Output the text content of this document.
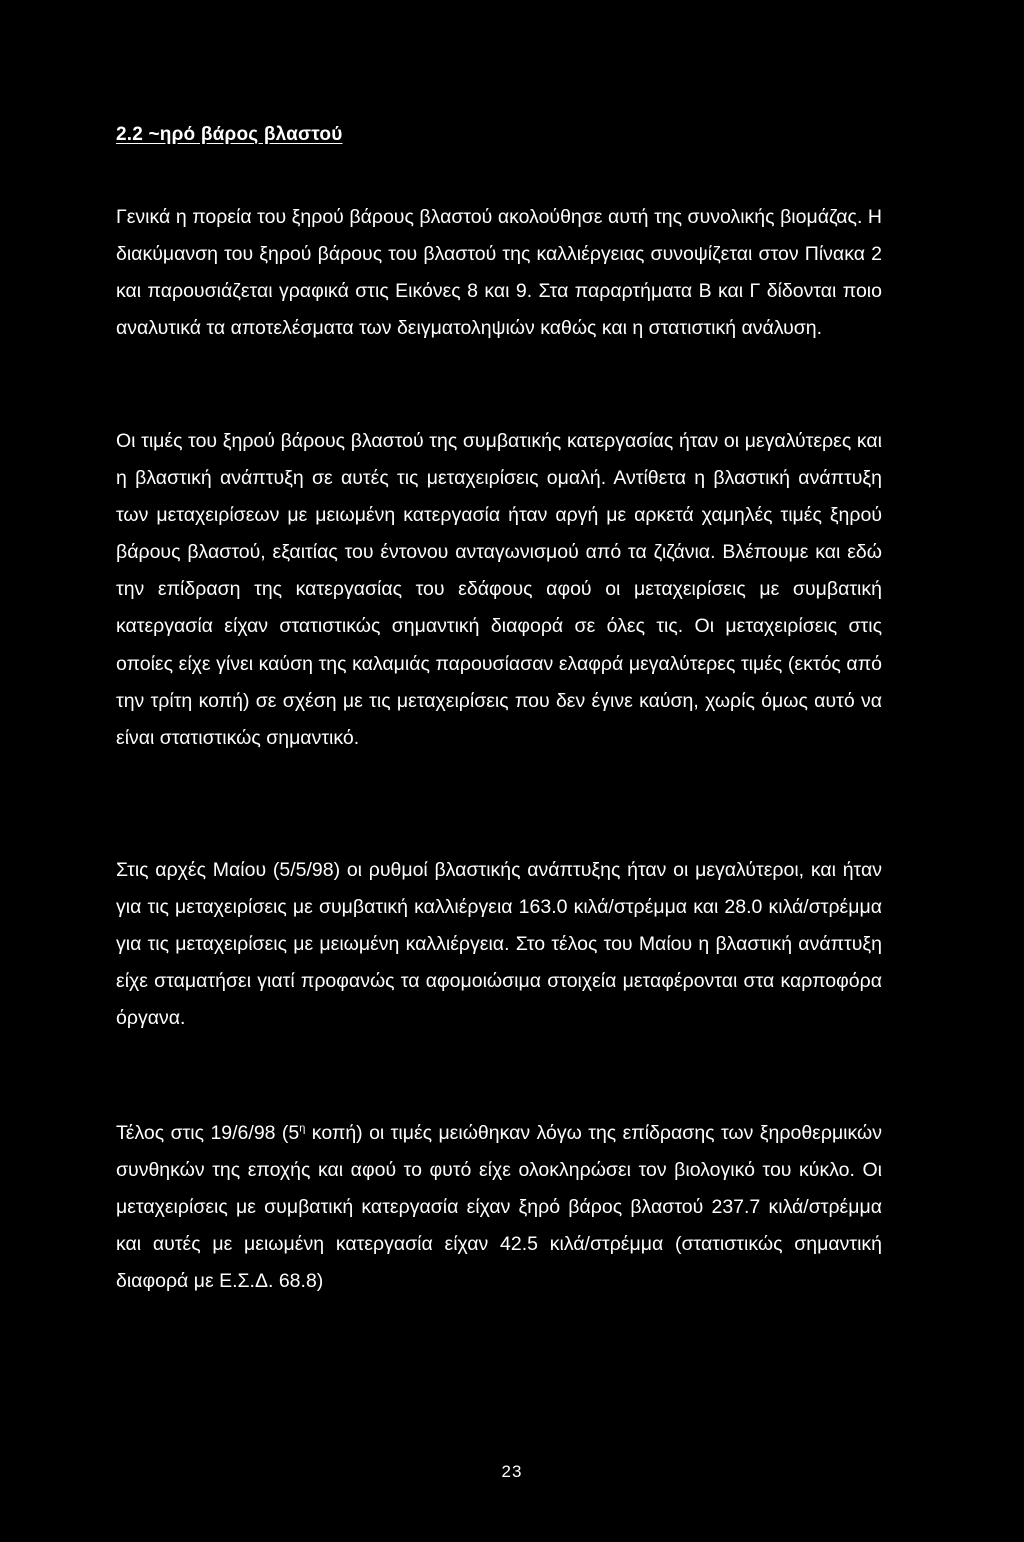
2.2 ~ηρό βάρος βλαστού

Γενικά η πορεία του ξηρού βάρους βλαστού ακολούθησε αυτή της συνολικής βιομάζας. Η διακύμανση του ξηρού βάρους του βλαστού της καλλιέργειας συνοψίζεται στον Πίνακα 2 και παρουσιάζεται γραφικά στις Εικόνες 8 και 9. Στα παραρτήματα Β και Γ δίδονται ποιο αναλυτικά τα αποτελέσματα των δειγματοληψιών καθώς και η στατιστική ανάλυση.

Οι τιμές του ξηρού βάρους βλαστού της συμβατικής κατεργασίας ήταν οι μεγαλύτερες και η βλαστική ανάπτυξη σε αυτές τις μεταχειρίσεις ομαλή. Αντίθετα η βλαστική ανάπτυξη των μεταχειρίσεων με μειωμένη κατεργασία ήταν αργή με αρκετά χαμηλές τιμές ξηρού βάρους βλαστού, εξαιτίας του έντονου ανταγωνισμού από τα ζιζάνια. Βλέπουμε και εδώ την επίδραση της κατεργασίας του εδάφους αφού οι μεταχειρίσεις με συμβατική κατεργασία είχαν στατιστικώς σημαντική διαφορά σε όλες τις. Οι μεταχειρίσεις στις οποίες είχε γίνει καύση της καλαμιάς παρουσίασαν ελαφρά μεγαλύτερες τιμές (εκτός από την τρίτη κοπή) σε σχέση με τις μεταχειρίσεις που δεν έγινε καύση, χωρίς όμως αυτό να είναι στατιστικώς σημαντικό.

Στις αρχές Μαίου (5/5/98) οι ρυθμοί βλαστικής ανάπτυξης ήταν οι μεγαλύτεροι, και ήταν για τις μεταχειρίσεις με συμβατική καλλιέργεια 163.0 κιλά/στρέμμα και 28.0 κιλά/στρέμμα για τις μεταχειρίσεις με μειωμένη καλλιέργεια. Στο τέλος του Μαίου η βλαστική ανάπτυξη είχε σταματήσει γιατί προφανώς τα αφομοιώσιμα στοιχεία μεταφέρονται στα καρποφόρα όργανα.

Τέλος στις 19/6/98 ($5^\eta$ κοπή) οι τιμές μειώθηκαν λόγω της επίδρασης των ξηροθερμικών συνθηκών της εποχής και αφού το φυτό είχε ολοκληρώσει τον βιολογικό του κύκλο. Οι μεταχειρίσεις με συμβατική κατεργασία είχαν ξηρό βάρος βλαστού 237.7 κιλά/στρέμμα και αυτές με μειωμένη κατεργασία είχαν 42.5 κιλά/στρέμμα (στατιστικώς σημαντική διαφορά με Ε.Σ.Δ. 68.8)

23
